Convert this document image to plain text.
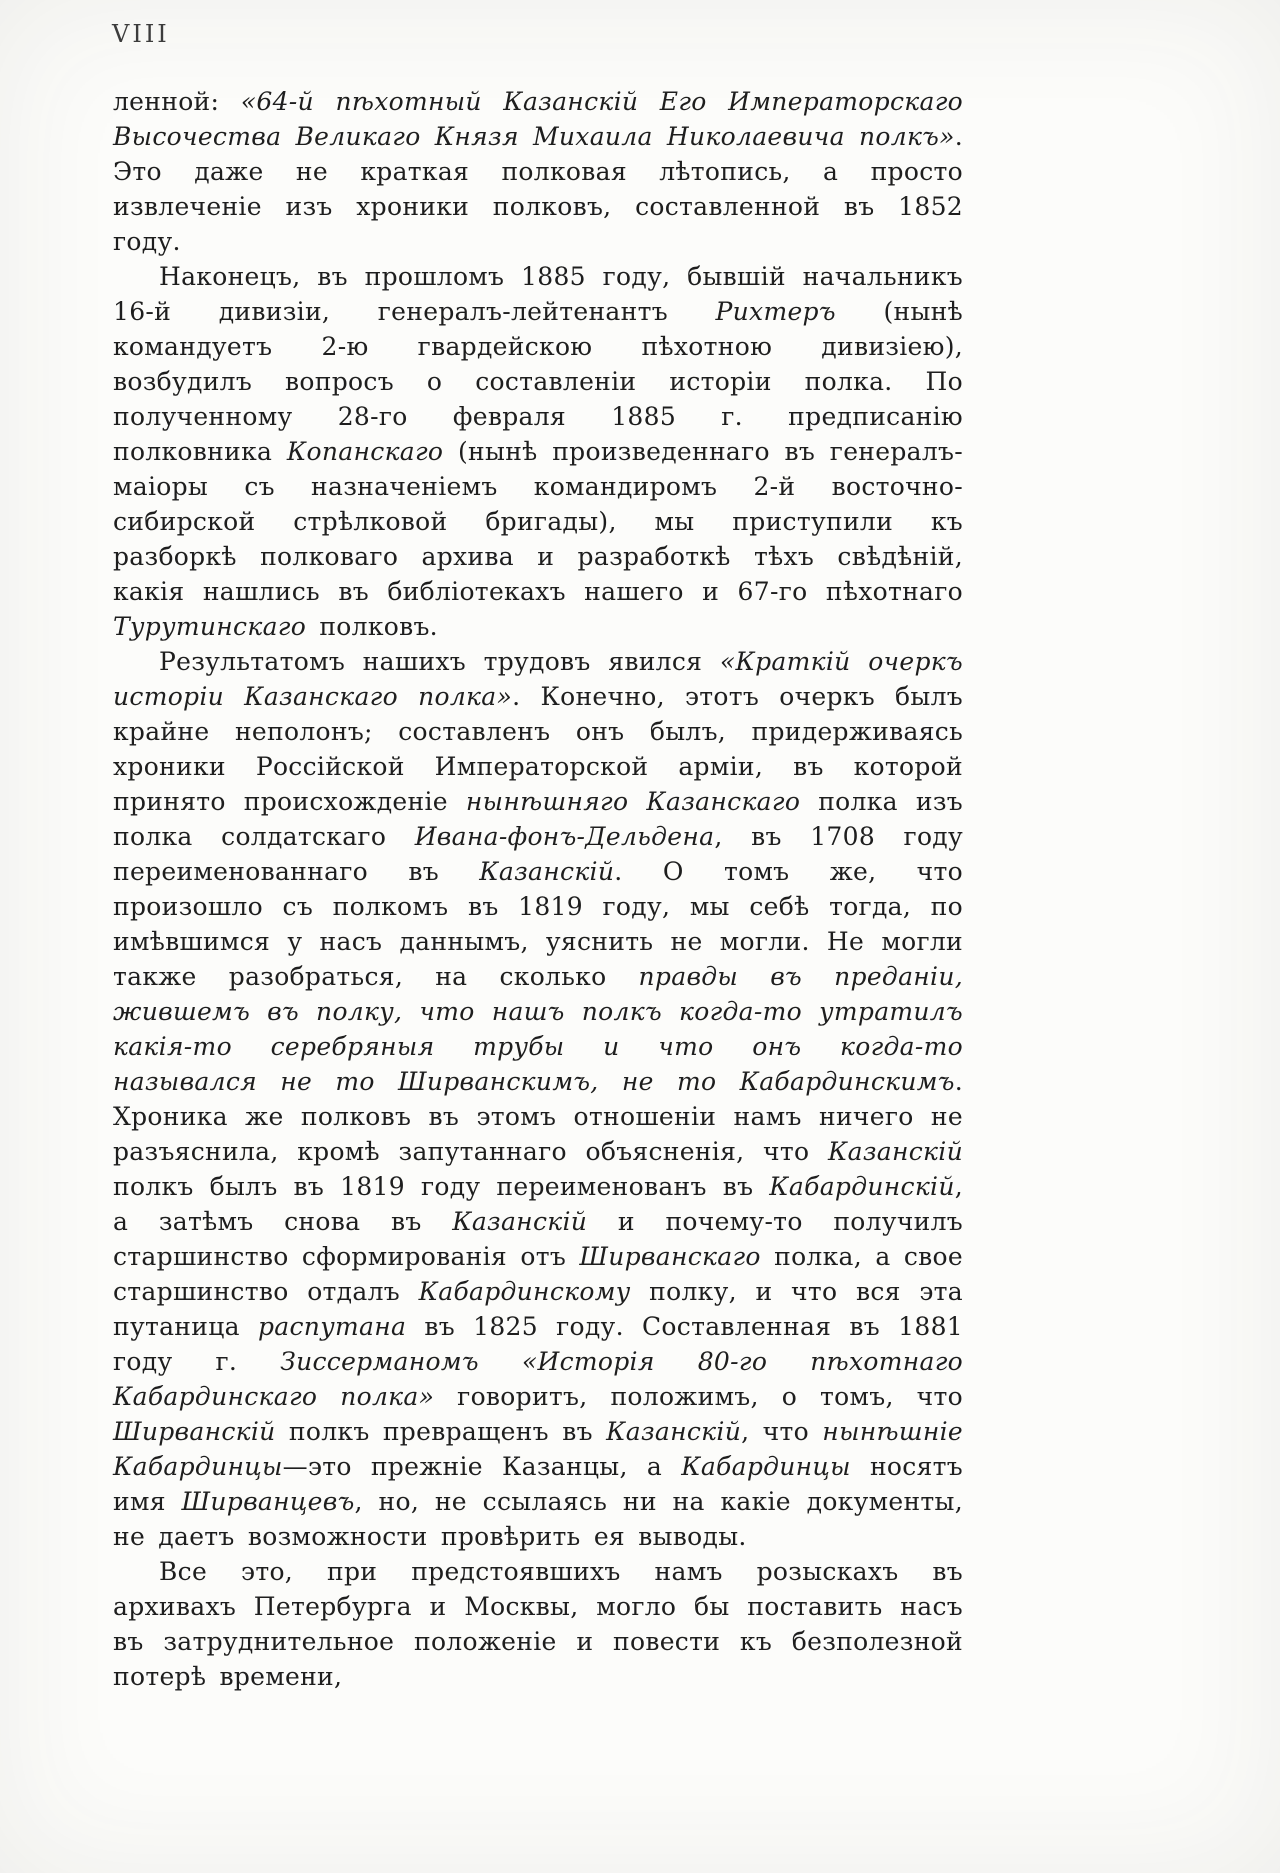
VIII

ленной: «64-й пѣхотный Казанскій Его Императорскаго Высочества Великаго Князя Михаила Николаевича полкъ». Это даже не краткая полковая лѣтопись, а просто извлеченіе изъ хроники полковъ, составленной въ 1852 году.

Наконецъ, въ прошломъ 1885 году, бывшій начальникъ 16-й дивизіи, генералъ-лейтенантъ Рихтеръ (нынѣ командуетъ 2-ю гвардейскою пѣхотною дивизіею), возбудилъ вопросъ о составленіи исторіи полка. По полученному 28-го февраля 1885 г. предписанію полковника Копанскаго (нынѣ произведеннаго въ генералъ-маіоры съ назначеніемъ командиромъ 2-й восточно-сибирской стрѣлковой бригады), мы приступили къ разборкѣ полковаго архива и разработкѣ тѣхъ свѣдѣній, какія нашлись въ библіотекахъ нашего и 67-го пѣхотнаго Турутинскаго полковъ.

Результатомъ нашихъ трудовъ явился «Краткій очеркъ исторіи Казанскаго полка». Конечно, этотъ очеркъ былъ крайне неполонъ; составленъ онъ былъ, придерживаясь хроники Россійской Императорской арміи, въ которой принято происхожденіе нынѣшняго Казанскаго полка изъ полка солдатскаго Ивана-фонъ-Дельдена, въ 1708 году переименованнаго въ Казанскій. О томъ же, что произошло съ полкомъ въ 1819 году, мы себѣ тогда, по имѣвшимся у насъ даннымъ, уяснить не могли. Не могли также разобраться, на сколько правды въ преданіи, жившемъ въ полку, что нашъ полкъ когда-то утратилъ какія-то серебряныя трубы и что онъ когда-то назывался не то Ширванскимъ, не то Кабардинскимъ. Хроника же полковъ въ этомъ отношеніи намъ ничего не разъяснила, кромѣ запутаннаго объясненія, что Казанскій полкъ былъ въ 1819 году переименованъ въ Кабардинскій, а затѣмъ снова въ Казанскій и почему-то получилъ старшинство сформированія отъ Ширванскаго полка, а свое старшинство отдалъ Кабардинскому полку, и что вся эта путаница распутана въ 1825 году. Составленная въ 1881 году г. Зиссерманомъ «Исторія 80-го пѣхотнаго Кабардинскаго полка» говоритъ, положимъ, о томъ, что Ширванскій полкъ превращенъ въ Казанскій, что нынѣшніе Кабардинцы—это прежніе Казанцы, а Кабардинцы носятъ имя Ширванцевъ, но, не ссылаясь ни на какіе документы, не даетъ возможности провѣрить ея выводы.

Все это, при предстоявшихъ намъ розыскахъ въ архивахъ Петербурга и Москвы, могло бы поставить насъ въ затруднительное положеніе и повести къ безполезной потерѣ времени,
